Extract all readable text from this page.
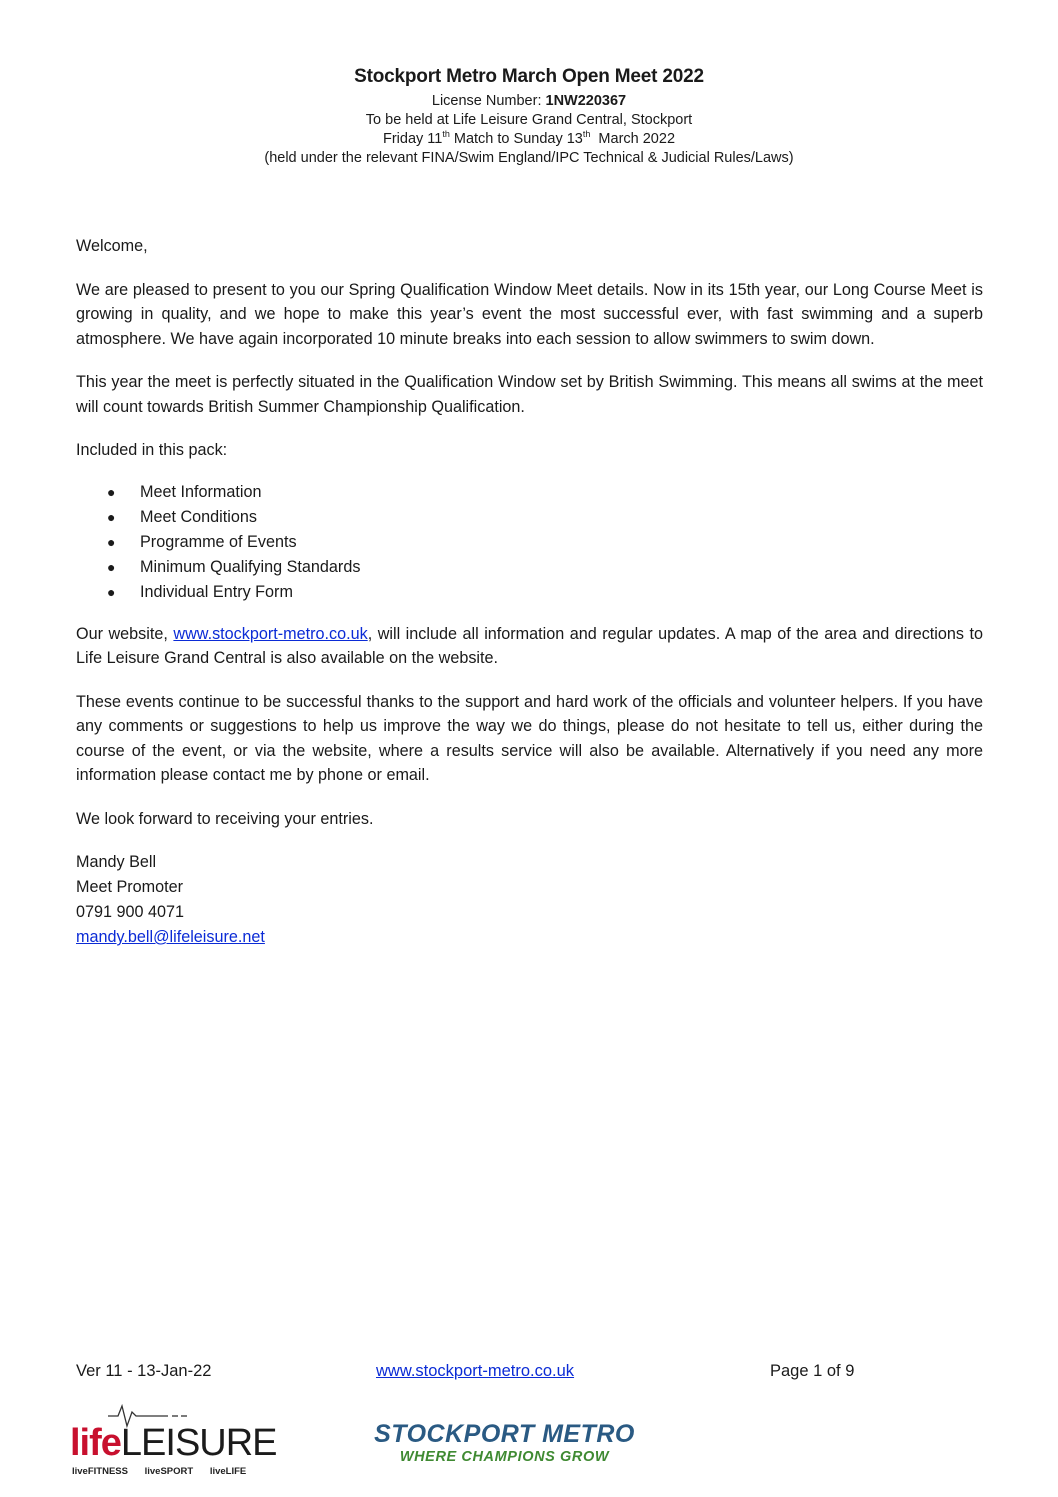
Stockport Metro March Open Meet 2022
License Number: 1NW220367
To be held at Life Leisure Grand Central, Stockport
Friday 11th Match to Sunday 13th  March 2022
(held under the relevant FINA/Swim England/IPC Technical & Judicial Rules/Laws)

Welcome,

We are pleased to present to you our Spring Qualification Window Meet details. Now in its 15th year, our Long Course Meet is growing in quality, and we hope to make this year’s event the most successful ever, with fast swimming and a superb atmosphere. We have again incorporated 10 minute breaks into each session to allow swimmers to swim down.

This year the meet is perfectly situated in the Qualification Window set by British Swimming. This means all swims at the meet will count towards British Summer Championship Qualification.

Included in this pack:

● Meet Information
● Meet Conditions
● Programme of Events
● Minimum Qualifying Standards
● Individual Entry Form

Our website, www.stockport-metro.co.uk, will include all information and regular updates. A map of the area and directions to Life Leisure Grand Central is also available on the website.

These events continue to be successful thanks to the support and hard work of the officials and volunteer helpers. If you have any comments or suggestions to help us improve the way we do things, please do not hesitate to tell us, either during the course of the event, or via the website, where a results service will also be available. Alternatively if you need any more information please contact me by phone or email.

We look forward to receiving your entries.

Mandy Bell
Meet Promoter
0791 900 4071
mandy.bell@lifeleisure.net
Ver 11 - 13-Jan-22	www.stockport-metro.co.uk	Page 1 of 9
lifeLEISURE
liveFITNESS liveSPORT liveLIFE
STOCKPORT METRO
WHERE CHAMPIONS GROW
